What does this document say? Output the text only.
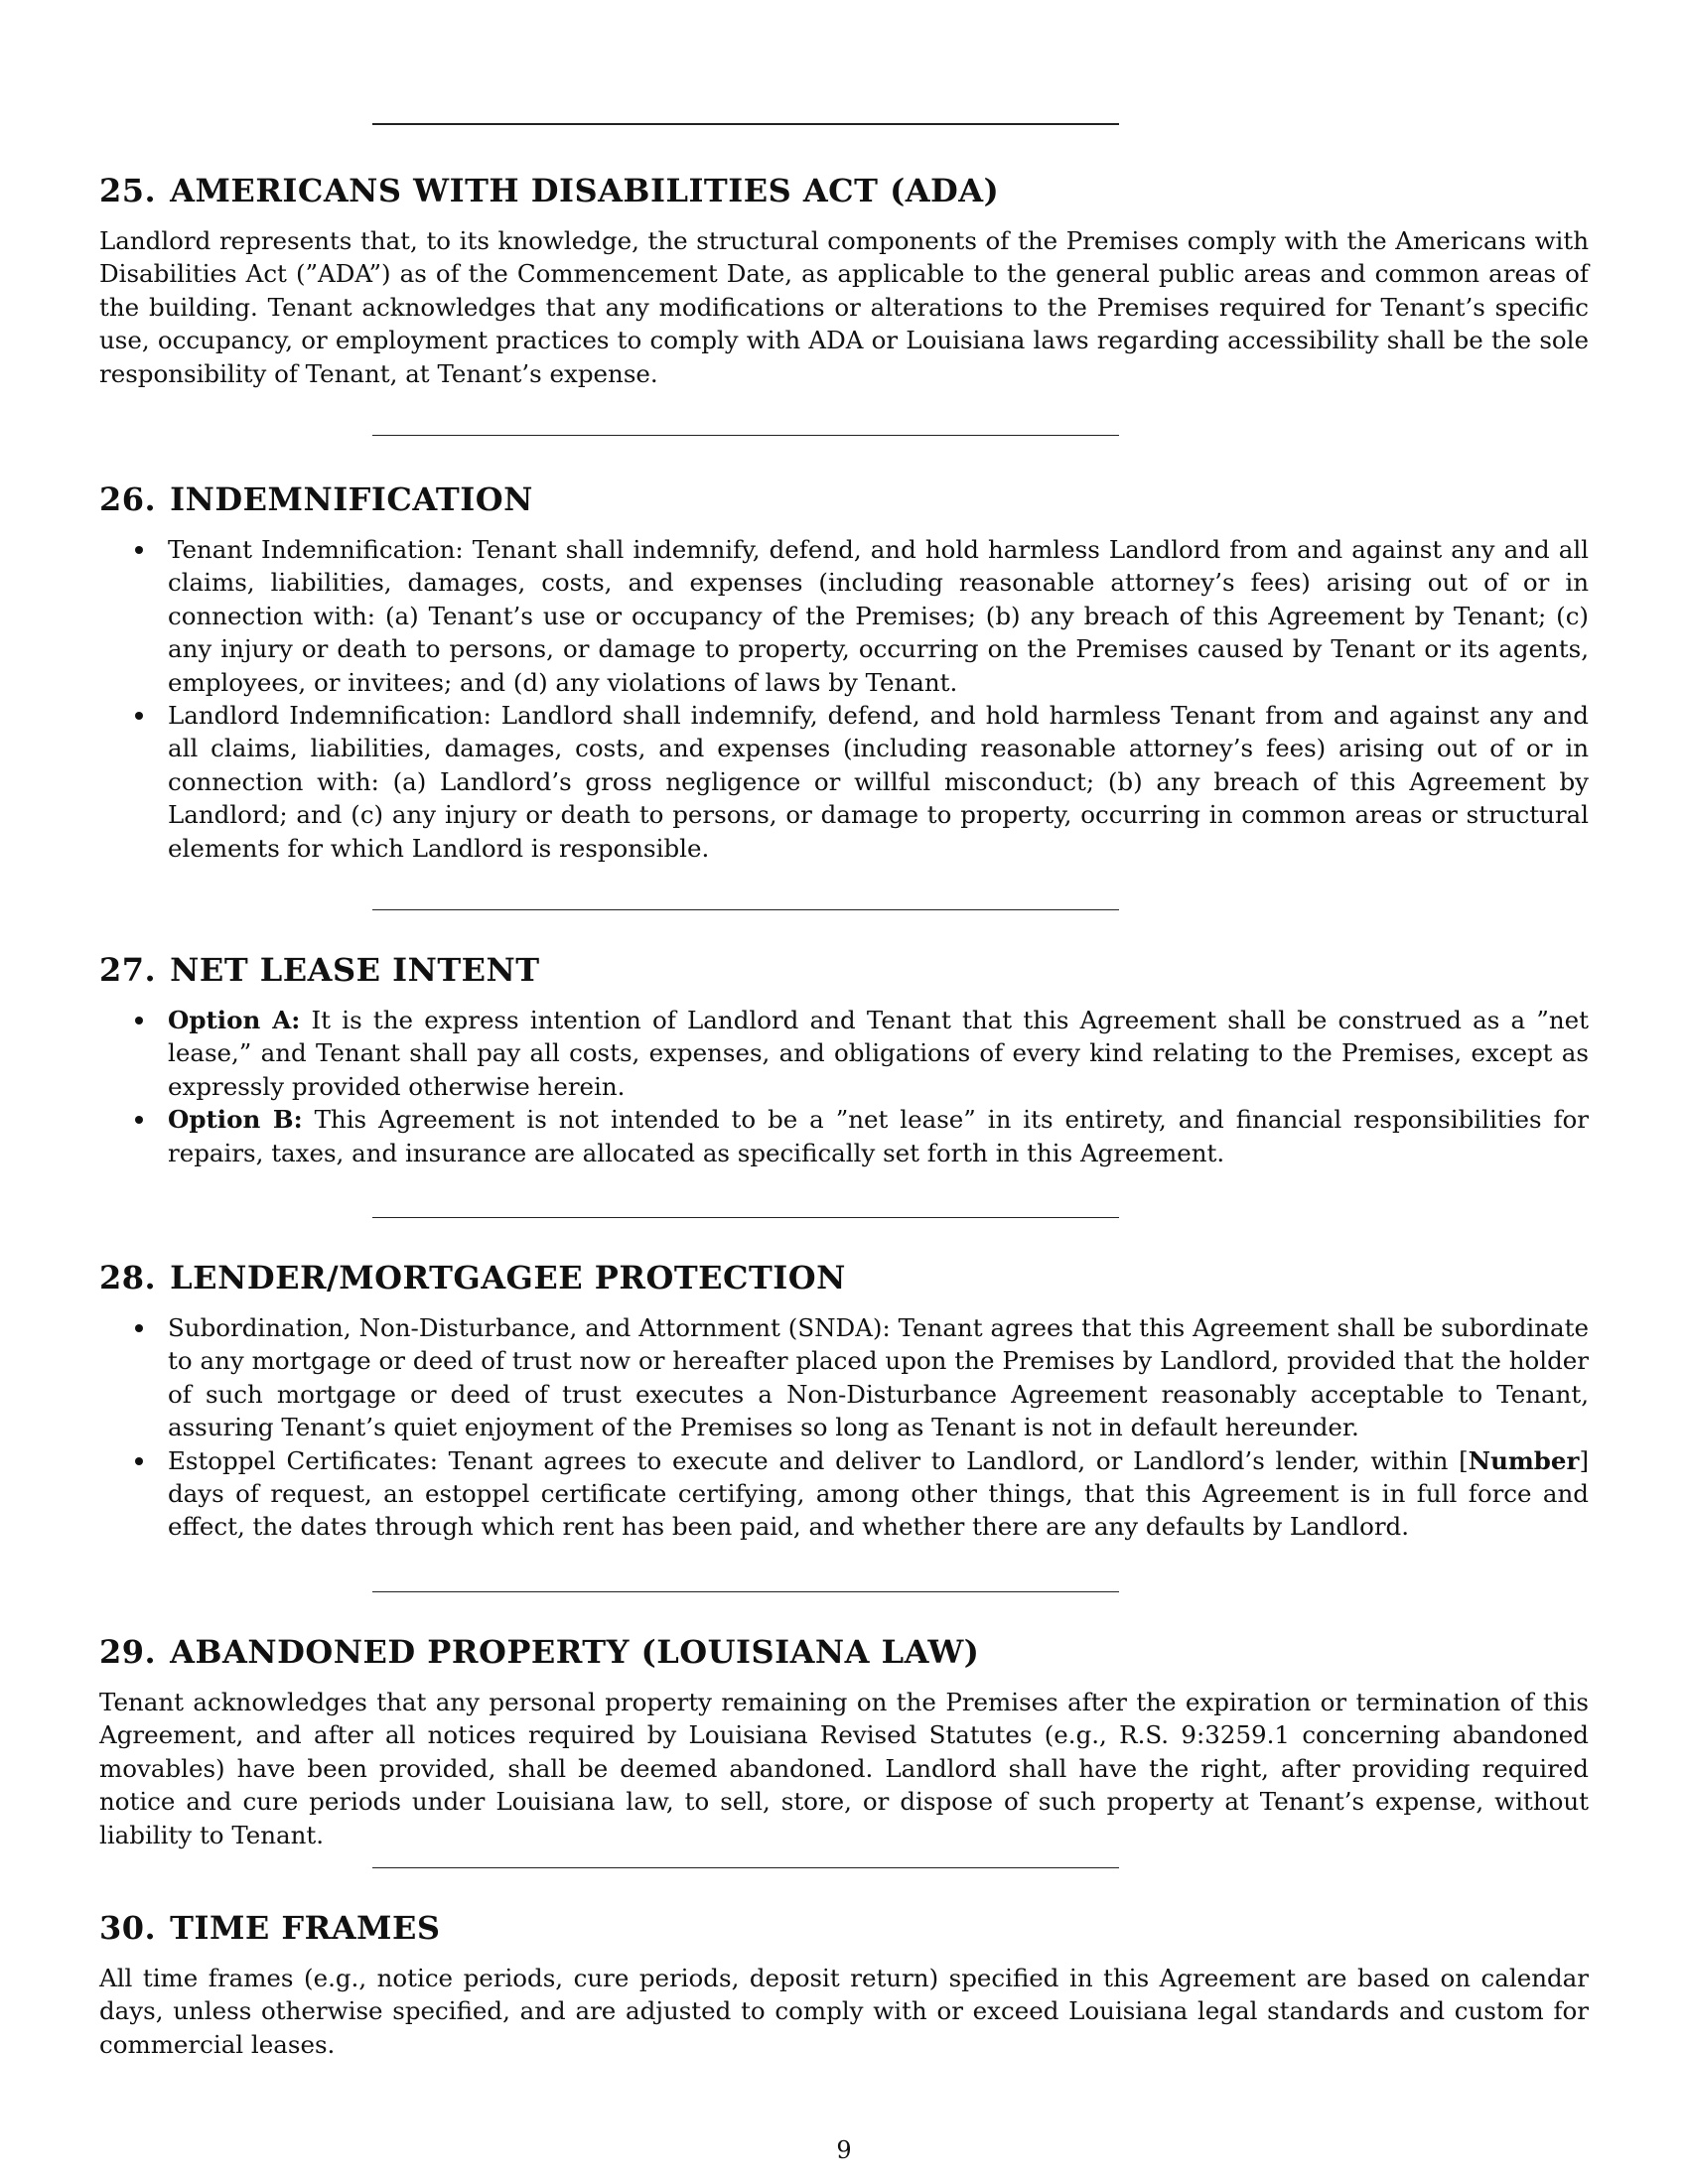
25. AMERICANS WITH DISABILITIES ACT (ADA)

Landlord represents that, to its knowledge, the structural components of the Premises comply with the Americans with Disabilities Act (”ADA”) as of the Commencement Date, as applicable to the general public areas and common areas of the building. Tenant acknowledges that any modifications or alterations to the Premises required for Tenant’s specific use, occupancy, or employment practices to comply with ADA or Louisiana laws regarding accessibility shall be the sole responsibility of Tenant, at Tenant’s expense.

26. INDEMNIFICATION
Tenant Indemnification: Tenant shall indemnify, defend, and hold harmless Landlord from and against any and all claims, liabilities, damages, costs, and expenses (including reasonable attorney’s fees) arising out of or in connection with: (a) Tenant’s use or occupancy of the Premises; (b) any breach of this Agreement by Tenant; (c) any injury or death to persons, or damage to property, occurring on the Premises caused by Tenant or its agents, employees, or invitees; and (d) any violations of laws by Tenant.
Landlord Indemnification: Landlord shall indemnify, defend, and hold harmless Tenant from and against any and all claims, liabilities, damages, costs, and expenses (including reasonable attorney’s fees) arising out of or in connection with: (a) Landlord’s gross negligence or willful misconduct; (b) any breach of this Agreement by Landlord; and (c) any injury or death to persons, or damage to property, occurring in common areas or structural elements for which Landlord is responsible.
27. NET LEASE INTENT
Option A: It is the express intention of Landlord and Tenant that this Agreement shall be construed as a ”net lease,” and Tenant shall pay all costs, expenses, and obligations of every kind relating to the Premises, except as expressly provided otherwise herein.
Option B: This Agreement is not intended to be a ”net lease” in its entirety, and financial responsibilities for repairs, taxes, and insurance are allocated as specifically set forth in this Agreement.
28. LENDER/MORTGAGEE PROTECTION
Subordination, Non-Disturbance, and Attornment (SNDA): Tenant agrees that this Agreement shall be subordinate to any mortgage or deed of trust now or hereafter placed upon the Premises by Landlord, provided that the holder of such mortgage or deed of trust executes a Non-Disturbance Agreement reasonably acceptable to Tenant, assuring Tenant’s quiet enjoyment of the Premises so long as Tenant is not in default hereunder.
Estoppel Certificates: Tenant agrees to execute and deliver to Landlord, or Landlord’s lender, within [Number] days of request, an estoppel certificate certifying, among other things, that this Agreement is in full force and effect, the dates through which rent has been paid, and whether there are any defaults by Landlord.
29. ABANDONED PROPERTY (LOUISIANA LAW)

Tenant acknowledges that any personal property remaining on the Premises after the expiration or termination of this Agreement, and after all notices required by Louisiana Revised Statutes (e.g., R.S. 9:3259.1 concerning abandoned movables) have been provided, shall be deemed abandoned. Landlord shall have the right, after providing required notice and cure periods under Louisiana law, to sell, store, or dispose of such property at Tenant’s expense, without liability to Tenant.

30. TIME FRAMES

All time frames (e.g., notice periods, cure periods, deposit return) specified in this Agreement are based on calendar days, unless otherwise specified, and are adjusted to comply with or exceed Louisiana legal standards and custom for commercial leases.

9
